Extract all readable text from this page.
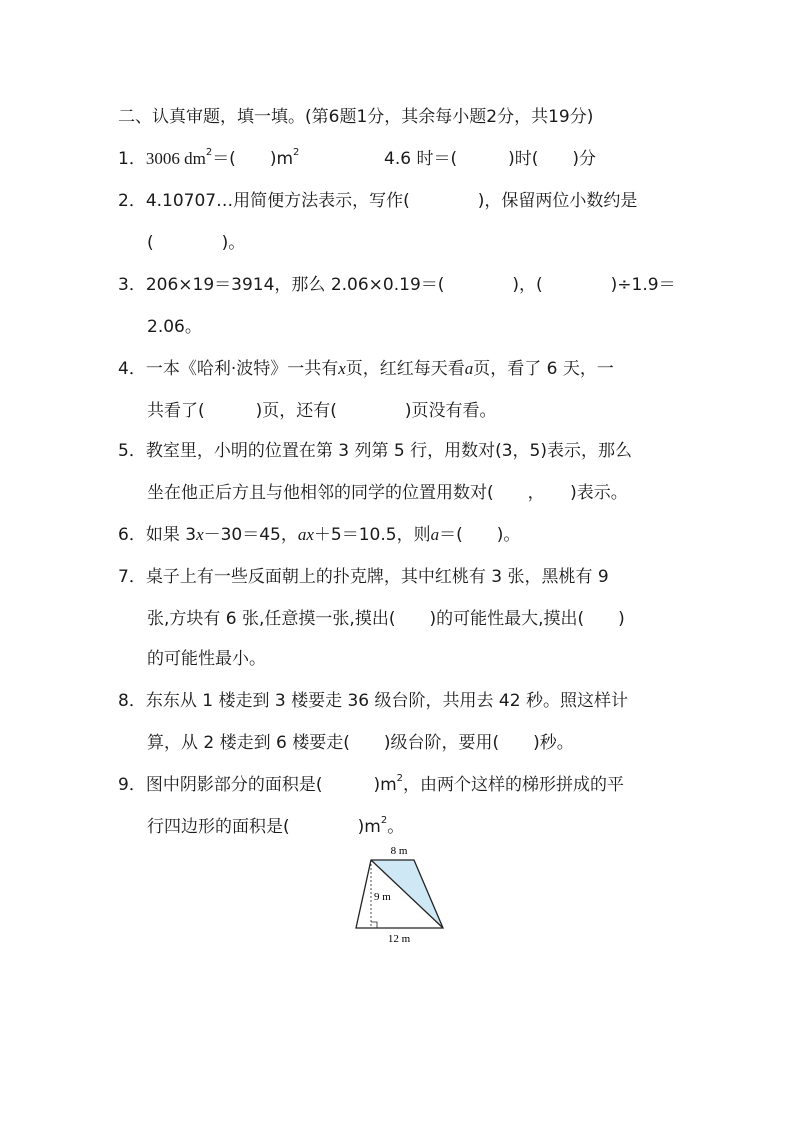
二、认真审题，填一填。(第6题1分，其余每小题2分，共19分)
1．3006 $dm^2=$(　　)$m^2$	4.6 时＝(　　　)时(　　)分
2．4.10707…用简便方法表示，写作(　　　　)，保留两位小数约是
(　　　　)。
3．206×19＝3914，那么 2.06×0.19＝(　　　　)，(　　　　)÷1.9＝
2.06。
4．一本《哈利·波特》一共有x页，红红每天看a页，看了 6 天，一
共看了(　　　)页，还有(　　　　)页没有看。
5．教室里，小明的位置在第 3 列第 5 行，用数对(3，5)表示，那么
坐在他正后方且与他相邻的同学的位置用数对(　　，　　)表示。
6．如果 3x－30＝45，ax＋5＝10.5，则a＝(　　)。
7．桌子上有一些反面朝上的扑克牌，其中红桃有 3 张，黑桃有 9
张,方块有 6 张,任意摸一张,摸出(　　)的可能性最大,摸出(　　)
的可能性最小。
8．东东从 1 楼走到 3 楼要走 36 级台阶，共用去 42 秒。照这样计
算，从 2 楼走到 6 楼要走(　　)级台阶，要用(　　)秒。
9．图中阴影部分的面积是(　　　)$m^2$，由两个这样的梯形拼成的平
行四边形的面积是(　　　　)$m^2$。
8 m
9 m
12 m
